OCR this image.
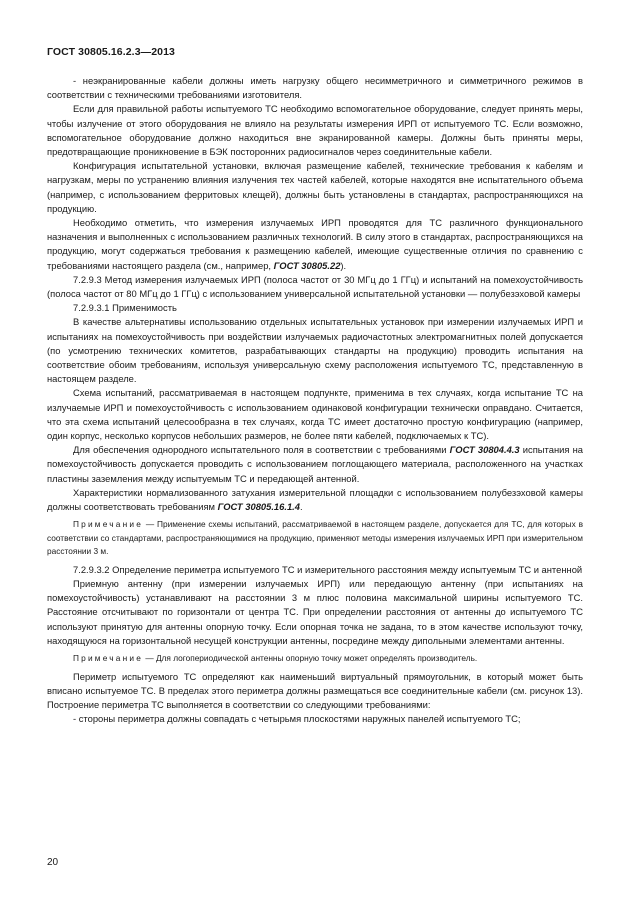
ГОСТ 30805.16.2.3—2013

- неэкранированные кабели должны иметь нагрузку общего несимметричного и симметричного режимов в соответствии с техническими требованиями изготовителя.

Если для правильной работы испытуемого ТС необходимо вспомогательное оборудование, следует принять меры, чтобы излучение от этого оборудования не влияло на результаты измерения ИРП от испытуемого ТС. Если возможно, вспомогательное оборудование должно находиться вне экранированной камеры. Должны быть приняты меры, предотвращающие проникновение в БЭК посторонних радиосигналов через соединительные кабели.

Конфигурация испытательной установки, включая размещение кабелей, технические требования к кабелям и нагрузкам, меры по устранению влияния излучения тех частей кабелей, которые находятся вне испытательного объема (например, с использованием ферритовых клещей), должны быть установлены в стандартах, распространяющихся на продукцию.

Необходимо отметить, что измерения излучаемых ИРП проводятся для ТС различного функционального назначения и выполненных с использованием различных технологий. В силу этого в стандартах, распространяющихся на продукцию, могут содержаться требования к размещению кабелей, имеющие существенные отличия по сравнению с требованиями настоящего раздела (см., например, ГОСТ 30805.22).

7.2.9.3 Метод измерения излучаемых ИРП (полоса частот от 30 МГц до 1 ГГц) и испытаний на помехоустойчивость (полоса частот от 80 МГц до 1 ГГц) с использованием универсальной испытательной установки — полубезэховой камеры

7.2.9.3.1 Применимость

В качестве альтернативы использованию отдельных испытательных установок при измерении излучаемых ИРП и испытаниях на помехоустойчивость при воздействии излучаемых радиочастотных электромагнитных полей допускается (по усмотрению технических комитетов, разрабатывающих стандарты на продукцию) проводить испытания на соответствие обоим требованиям, используя универсальную схему расположения испытуемого ТС, представленную в настоящем разделе.

Схема испытаний, рассматриваемая в настоящем подпункте, применима в тех случаях, когда испытание ТС на излучаемые ИРП и помехоустойчивость с использованием одинаковой конфигурации технически оправдано. Считается, что эта схема испытаний целесообразна в тех случаях, когда ТС имеет достаточно простую конфигурацию (например, один корпус, несколько корпусов небольших размеров, не более пяти кабелей, подключаемых к ТС).

Для обеспечения однородного испытательного поля в соответствии с требованиями ГОСТ 30804.4.3 испытания на помехоустойчивость допускается проводить с использованием поглощающего материала, расположенного на участках пластины заземления между испытуемым ТС и передающей антенной.

Характеристики нормализованного затухания измерительной площадки с использованием полубезэховой камеры должны соответствовать требованиям ГОСТ 30805.16.1.4.

Примечание — Применение схемы испытаний, рассматриваемой в настоящем разделе, допускается для ТС, для которых в соответствии со стандартами, распространяющимися на продукцию, применяют методы измерения излучаемых ИРП при измерительном расстоянии 3 м.

7.2.9.3.2 Определение периметра испытуемого ТС и измерительного расстояния между испытуемым ТС и антенной

Приемную антенну (при измерении излучаемых ИРП) или передающую антенну (при испытаниях на помехоустойчивость) устанавливают на расстоянии 3 м плюс половина максимальной ширины испытуемого ТС. Расстояние отсчитывают по горизонтали от центра ТС. При определении расстояния от антенны до испытуемого ТС используют принятую для антенны опорную точку. Если опорная точка не задана, то в этом качестве используют точку, находящуюся на горизонтальной несущей конструкции антенны, посредине между дипольными элементами антенны.

Примечание — Для логопериодической антенны опорную точку может определять производитель.

Периметр испытуемого ТС определяют как наименьший виртуальный прямоугольник, в который может быть вписано испытуемое ТС. В пределах этого периметра должны размещаться все соединительные кабели (см. рисунок 13). Построение периметра ТС выполняется в соответствии со следующими требованиями:

- стороны периметра должны совпадать с четырьмя плоскостями наружных панелей испытуемого ТС;

20
